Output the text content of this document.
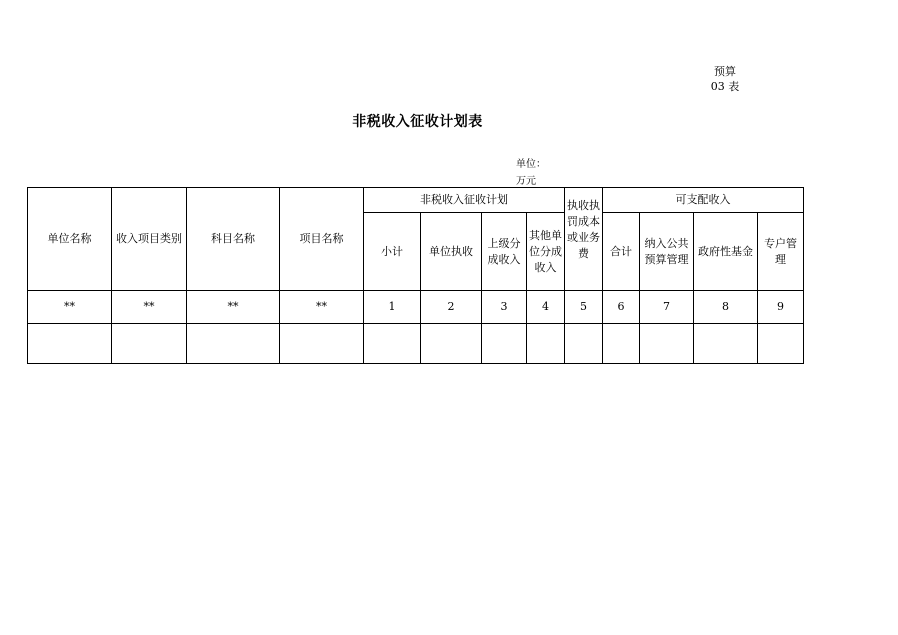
预算
03 表
非税收入征收计划表
单位：
万元
单位名称	收入项目类别	科目名称	项目名称	非税收入征收计划				执收执罚成本或业务费	可支配收入			
				小计	单位执收	上级分成收入	其他单位分成收入		合计	纳入公共预算管理	政府性基金	专户管理
**	**	**	**	1	2	3	4	5	6	7	8	9
